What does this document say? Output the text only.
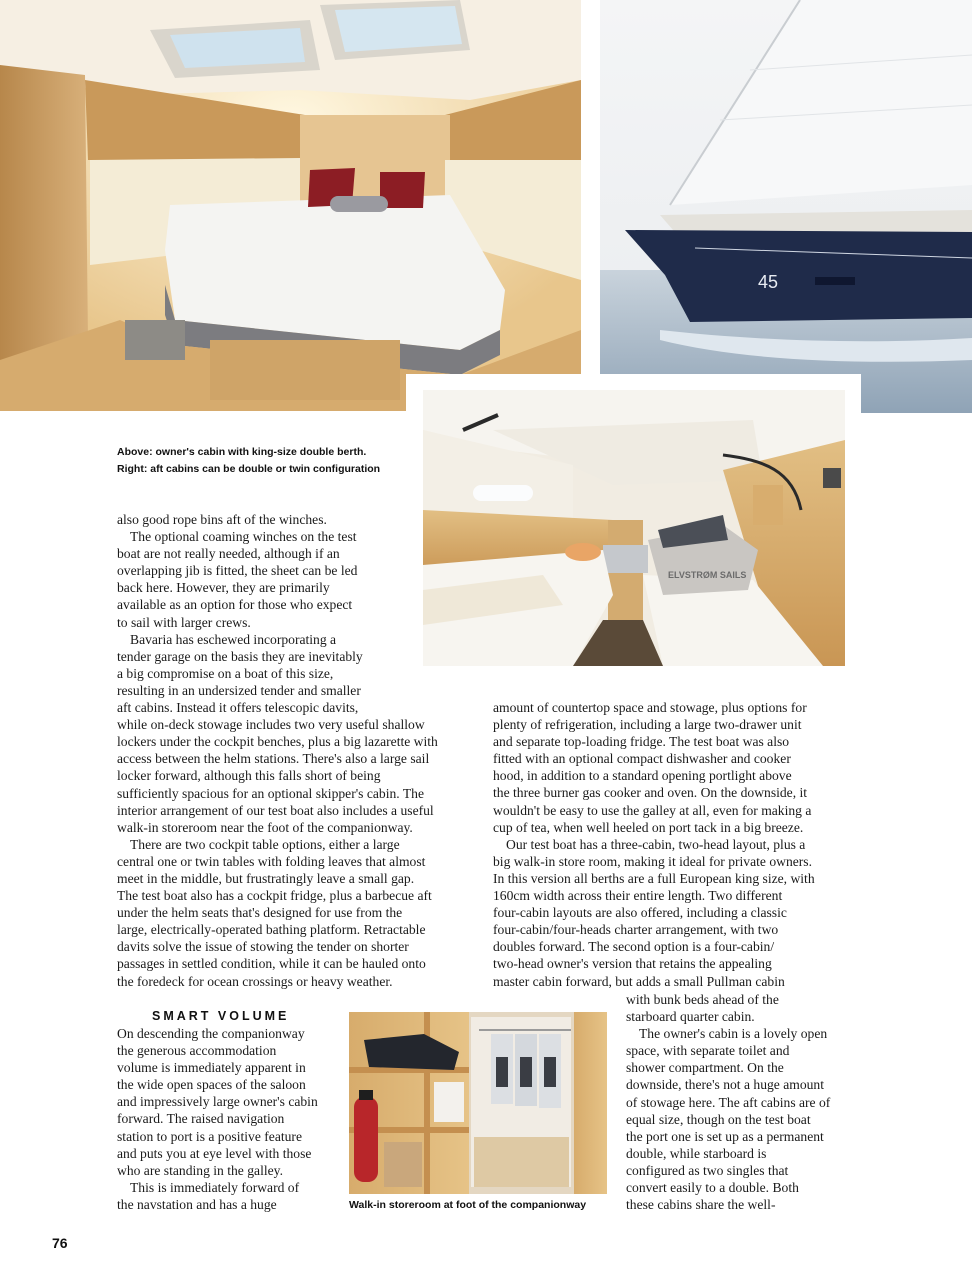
45
ELVSTRØM SAILS
Above: owner's cabin with king-size double berth.
Right: aft cabins can be double or twin configuration
also good rope bins aft of the winches.
The optional coaming winches on the test
boat are not really needed, although if an
overlapping jib is fitted, the sheet can be led
back here. However, they are primarily
available as an option for those who expect
to sail with larger crews.
Bavaria has eschewed incorporating a
tender garage on the basis they are inevitably
a big compromise on a boat of this size,
resulting in an undersized tender and smaller
aft cabins. Instead it offers telescopic davits,
while on-deck stowage includes two very useful shallow
lockers under the cockpit benches, plus a big lazarette with
access between the helm stations. There's also a large sail
locker forward, although this falls short of being
sufficiently spacious for an optional skipper's cabin. The
interior arrangement of our test boat also includes a useful
walk-in storeroom near the foot of the companionway.
There are two cockpit table options, either a large
central one or twin tables with folding leaves that almost
meet in the middle, but frustratingly leave a small gap.
The test boat also has a cockpit fridge, plus a barbecue aft
under the helm seats that's designed for use from the
large, electrically-operated bathing platform. Retractable
davits solve the issue of stowing the tender on shorter
passages in settled condition, while it can be hauled onto
the foredeck for ocean crossings or heavy weather.
SMART VOLUME
On descending the companionway
the generous accommodation
volume is immediately apparent in
the wide open spaces of the saloon
and impressively large owner's cabin
forward. The raised navigation
station to port is a positive feature
and puts you at eye level with those
who are standing in the galley.
This is immediately forward of
the navstation and has a huge
amount of countertop space and stowage, plus options for
plenty of refrigeration, including a large two-drawer unit
and separate top-loading fridge. The test boat was also
fitted with an optional compact dishwasher and cooker
hood, in addition to a standard opening portlight above
the three burner gas cooker and oven. On the downside, it
wouldn't be easy to use the galley at all, even for making a
cup of tea, when well heeled on port tack in a big breeze.
Our test boat has a three-cabin, two-head layout, plus a
big walk-in store room, making it ideal for private owners.
In this version all berths are a full European king size, with
160cm width across their entire length. Two different
four-cabin layouts are also offered, including a classic
four-cabin/four-heads charter arrangement, with two
doubles forward. The second option is a four-cabin/
two-head owner's version that retains the appealing
master cabin forward, but adds a small Pullman cabin
with bunk beds ahead of the
starboard quarter cabin.
The owner's cabin is a lovely open
space, with separate toilet and
shower compartment. On the
downside, there's not a huge amount
of stowage here. The aft cabins are of
equal size, though on the test boat
the port one is set up as a permanent
double, while starboard is
configured as two singles that
convert easily to a double. Both
these cabins share the well-
Walk-in storeroom at foot of the companionway
76
